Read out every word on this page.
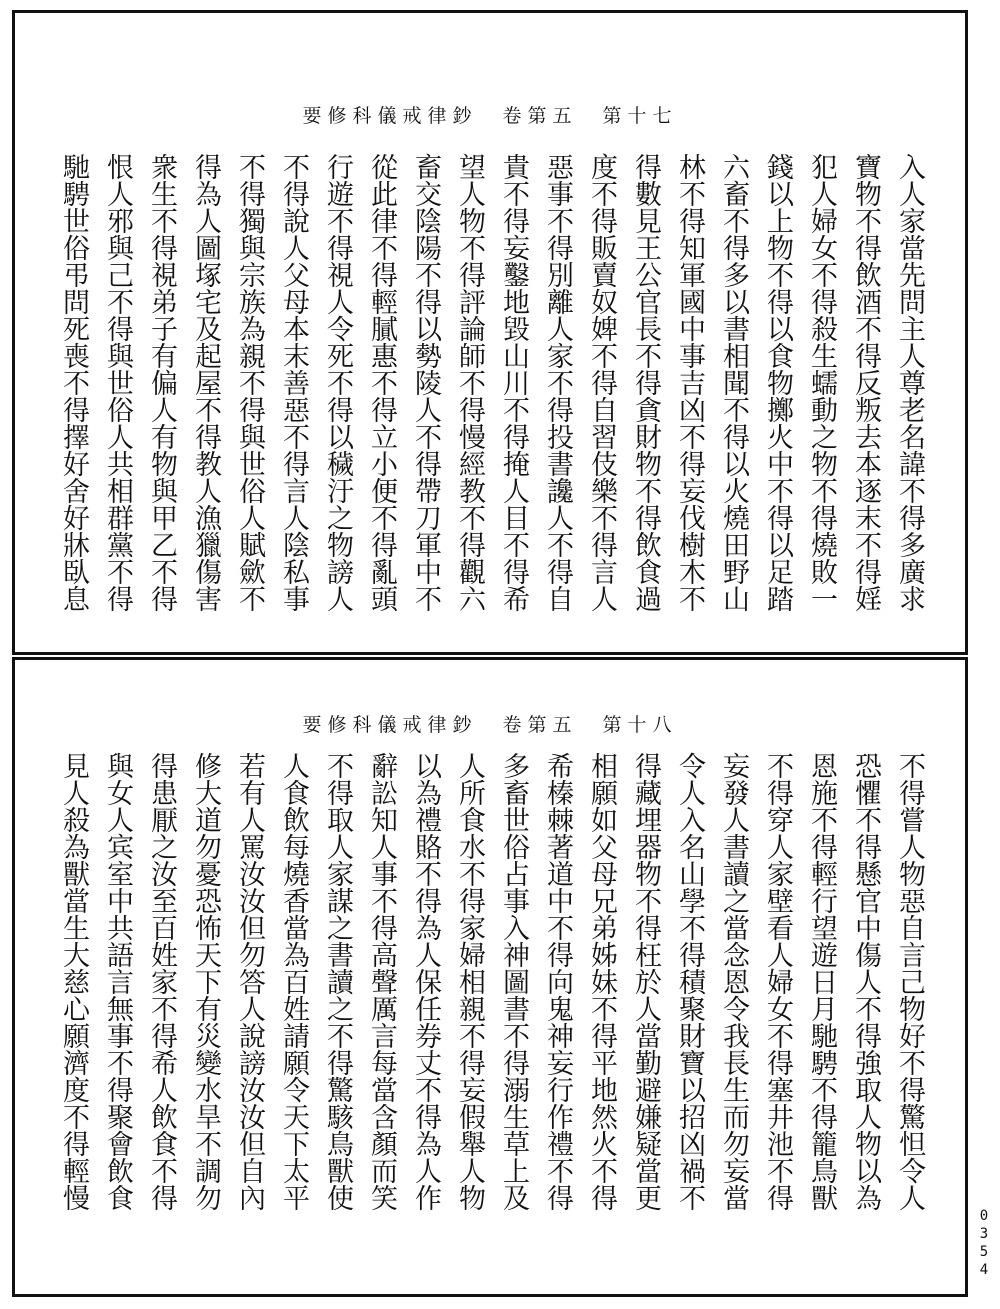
要修科儀戒律鈔　卷第五　第十七
入人家當先問主人尊老名諱不得多廣求
寶物不得飲酒不得反叛去本逐末不得婬
犯人婦女不得殺生蠕動之物不得燒敗一
錢以上物不得以食物擲火中不得以足踏
六畜不得多以書相聞不得以火燒田野山
林不得知軍國中事吉凶不得妄伐樹木不
得數見王公官長不得貪財物不得飲食過
度不得販賣奴婢不得自習伎樂不得言人
惡事不得別離人家不得投書讒人不得自
貴不得妄鑿地毀山川不得掩人目不得希
望人物不得評論師不得慢經教不得觀六
畜交陰陽不得以勢陵人不得帶刀軍中不
從此律不得輕膩惠不得立小便不得亂頭
行遊不得視人令死不得以穢汙之物謗人
不得說人父母本末善惡不得言人陰私事
不得獨與宗族為親不得與世俗人賦歛不
得為人圖塚宅及起屋不得教人漁獵傷害
衆生不得視弟子有偏人有物與甲乙不得
恨人邪與己不得與世俗人共相群黨不得
馳騁世俗弔問死喪不得擇好舍好牀臥息
要修科儀戒律鈔　卷第五　第十八
不得嘗人物惡自言己物好不得驚怛令人
恐懼不得懸官中傷人不得強取人物以為
恩施不得輕行望遊日月馳騁不得籠鳥獸
不得穿人家壁看人婦女不得塞井池不得
妄發人書讀之當念恩令我長生而勿妄當
令人入名山學不得積聚財寶以招凶禍不
得藏埋器物不得枉於人當勤避嫌疑當更
相願如父母兄弟姊妹不得平地然火不得
希榛棘著道中不得向鬼神妄行作禮不得
多畜世俗占事入神圖書不得溺生草上及
人所食水不得家婦相親不得妄假舉人物
以為禮賂不得為人保任券丈不得為人作
辭訟知人事不得高聲厲言每當含顏而笑
不得取人家謀之書讀之不得驚駭鳥獸使
人食飲每燒香當為百姓請願令天下太平
若有人罵汝汝但勿答人說謗汝汝但自內
修大道勿憂恐怖天下有災變水旱不調勿
得患厭之汝至百姓家不得希人飲食不得
與女人宾室中共語言無事不得聚會飲食
見人殺為獸當生大慈心願濟度不得輕慢
0354
